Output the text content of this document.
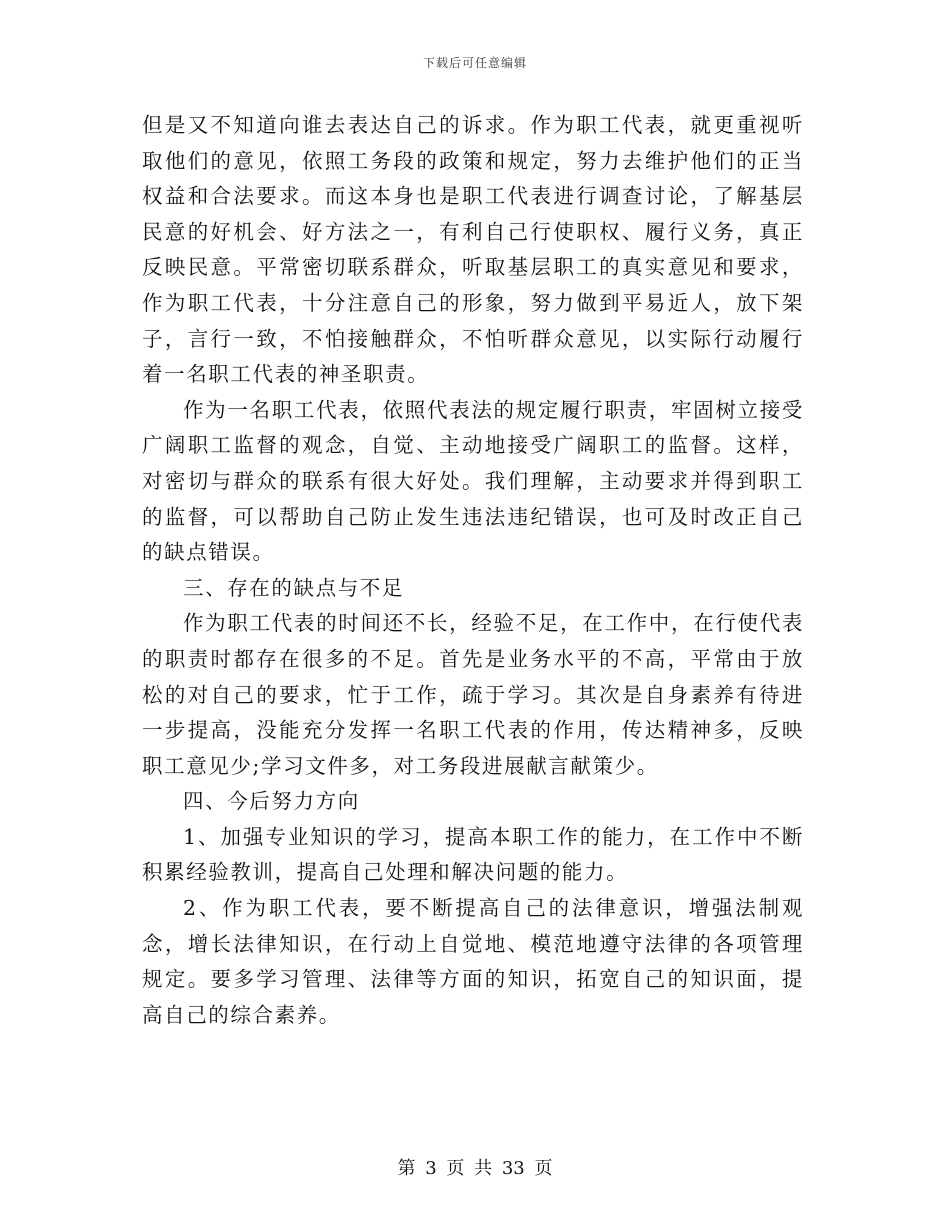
下载后可任意编辑

但是又不知道向谁去表达自己的诉求。作为职工代表，就更重视听取他们的意见，依照工务段的政策和规定，努力去维护他们的正当权益和合法要求。而这本身也是职工代表进行调查讨论，了解基层民意的好机会、好方法之一，有利自己行使职权、履行义务，真正反映民意。平常密切联系群众，听取基层职工的真实意见和要求，作为职工代表，十分注意自己的形象，努力做到平易近人，放下架子，言行一致，不怕接触群众，不怕听群众意见，以实际行动履行着一名职工代表的神圣职责。

作为一名职工代表，依照代表法的规定履行职责，牢固树立接受广阔职工监督的观念，自觉、主动地接受广阔职工的监督。这样，对密切与群众的联系有很大好处。我们理解，主动要求并得到职工的监督，可以帮助自己防止发生违法违纪错误，也可及时改正自己的缺点错误。

三、存在的缺点与不足

作为职工代表的时间还不长，经验不足，在工作中，在行使代表的职责时都存在很多的不足。首先是业务水平的不高，平常由于放松的对自己的要求，忙于工作，疏于学习。其次是自身素养有待进一步提高，没能充分发挥一名职工代表的作用，传达精神多，反映职工意见少;学习文件多，对工务段进展献言献策少。

四、今后努力方向

1、加强专业知识的学习，提高本职工作的能力，在工作中不断积累经验教训，提高自己处理和解决问题的能力。

2、作为职工代表，要不断提高自己的法律意识，增强法制观念，增长法律知识，在行动上自觉地、模范地遵守法律的各项管理规定。要多学习管理、法律等方面的知识，拓宽自己的知识面，提高自己的综合素养。

第 3 页 共 33 页
